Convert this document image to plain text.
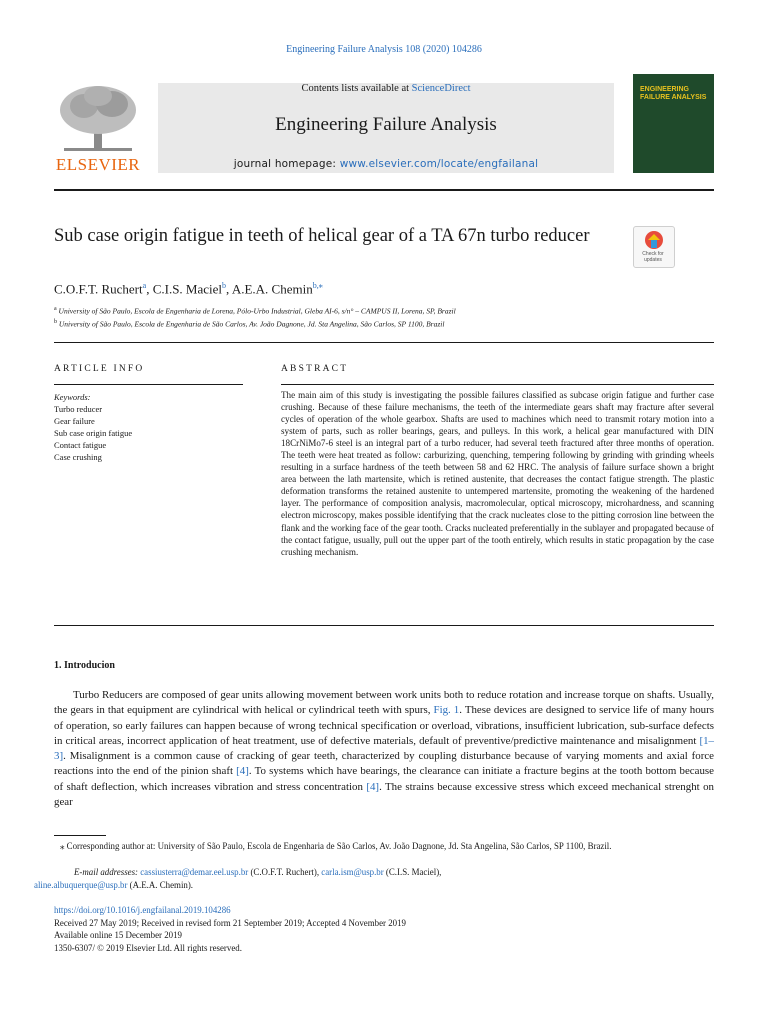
Engineering Failure Analysis 108 (2020) 104286
ELSEVIER
Contents lists available at ScienceDirect
Engineering Failure Analysis
journal homepage: www.elsevier.com/locate/engfailanal
ENGINEERING FAILURE ANALYSIS
Sub case origin fatigue in teeth of helical gear of a TA 67n turbo reducer
Check for updates
C.O.F.T. Ruchert$^a$, C.I.S. Maciel$^b$, A.E.A. Chemin$^{b,⁎}$
$^a$ University of São Paulo, Escola de Engenharia de Lorena, Pólo-Urbo Industrial, Gleba AI-6, s/n° – CAMPUS II, Lorena, SP, Brazil
$^b$ University of São Paulo, Escola de Engenharia de São Carlos, Av. João Dagnone, Jd. Sta Angelina, São Carlos, SP 1100, Brazil
ARTICLE INFO
Keywords:
Turbo reducer
Gear failure
Sub case origin fatigue
Contact fatigue
Case crushing
ABSTRACT
The main aim of this study is investigating the possible failures classified as subcase origin fatigue and further case crushing. Because of these failure mechanisms, the teeth of the intermediate gears shaft may fracture after several cycles of operation of the whole gearbox. Shafts are used to machines which need to transmit rotary motion into a system of parts, such as roller bearings, gears, and pulleys. In this work, a helical gear manufactured with DIN 18CrNiMo7-6 steel is an integral part of a turbo reducer, had several teeth fractured after three months of operation. The teeth were heat treated as follow: carburizing, quenching, tempering following by grinding with grinding wheels resulting in a surface hardness of the teeth between 58 and 62 HRC. The analysis of failure surface shown a bright area between the lath martensite, which is retined austenite, that decreases the contact fatigue strength. The plastic deformation transforms the retained austenite to untempered martensite, promoting the weakening of the hardened layer. The performance of composition analysis, macromolecular, optical microscopy, microhardness, and scanning electron microscopy, makes possible identifying that the crack nucleates close to the pitting corrosion line between the flank and the working face of the gear tooth. Cracks nucleated preferentially in the sublayer and propagated because of the contact fatigue, usually, pull out the upper part of the tooth entirely, which results in static propagation by the case crushing mechanism.
1. Introducion
Turbo Reducers are composed of gear units allowing movement between work units both to reduce rotation and increase torque on shafts. Usually, the gears in that equipment are cylindrical with helical or cylindrical teeth with spurs, Fig. 1. These devices are designed to service life of many hours of operation, so early failures can happen because of wrong technical specification or overload, vibrations, insufficient lubrication, sub-surface defects in critical areas, incorrect application of heat treatment, use of defective materials, default of preventive/predictive maintenance and misalignment [1–3]. Misalignment is a common cause of cracking of gear teeth, characterized by coupling disturbance because of varying moments and axial force reactions into the end of the pinion shaft [4]. To systems which have bearings, the clearance can initiate a fracture begins at the tooth bottom because of shaft deflection, which increases vibration and stress concentration [4]. The strains because excessive stress which exceed mechanical strenght on gear
⁎ Corresponding author at: University of São Paulo, Escola de Engenharia de São Carlos, Av. João Dagnone, Jd. Sta Angelina, São Carlos, SP 1100, Brazil.
E-mail addresses: cassiusterra@demar.eel.usp.br (C.O.F.T. Ruchert), carla.ism@usp.br (C.I.S. Maciel),
aline.albuquerque@usp.br (A.E.A. Chemin).
https://doi.org/10.1016/j.engfailanal.2019.104286
Received 27 May 2019; Received in revised form 21 September 2019; Accepted 4 November 2019
Available online 15 December 2019
1350-6307/ © 2019 Elsevier Ltd. All rights reserved.
